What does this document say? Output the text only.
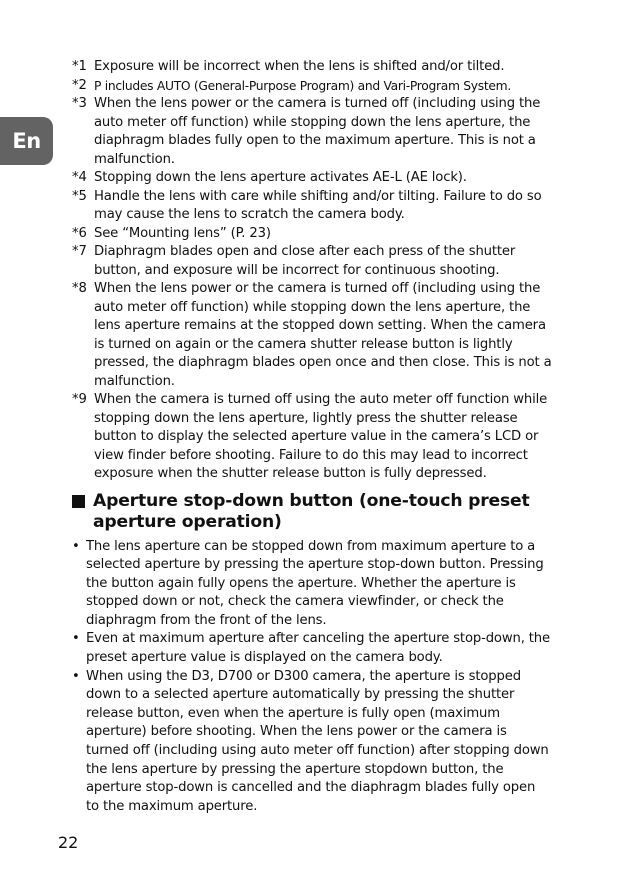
En
*1 Exposure will be incorrect when the lens is shifted and/or tilted.
*2 P includes AUTO (General-Purpose Program) and Vari-Program System.
*3 When the lens power or the camera is turned off (including using the auto meter off function) while stopping down the lens aperture, the diaphragm blades fully open to the maximum aperture. This is not a malfunction.
*4 Stopping down the lens aperture activates AE-L (AE lock).
*5 Handle the lens with care while shifting and/or tilting. Failure to do so may cause the lens to scratch the camera body.
*6 See “Mounting lens” (P. 23)
*7 Diaphragm blades open and close after each press of the shutter button, and exposure will be incorrect for continuous shooting.
*8 When the lens power or the camera is turned off (including using the auto meter off function) while stopping down the lens aperture, the lens aperture remains at the stopped down setting. When the camera is turned on again or the camera shutter release button is lightly pressed, the diaphragm blades open once and then close. This is not a malfunction.
*9 When the camera is turned off using the auto meter off function while stopping down the lens aperture, lightly press the shutter release button to display the selected aperture value in the camera’s LCD or view finder before shooting. Failure to do this may lead to incorrect exposure when the shutter release button is fully depressed.
Aperture stop-down button (one-touch preset aperture operation)
• The lens aperture can be stopped down from maximum aperture to a selected aperture by pressing the aperture stop-down button. Pressing the button again fully opens the aperture. Whether the aperture is stopped down or not, check the camera viewfinder, or check the diaphragm from the front of the lens.
• Even at maximum aperture after canceling the aperture stop-down, the preset aperture value is displayed on the camera body.
• When using the D3, D700 or D300 camera, the aperture is stopped down to a selected aperture automatically by pressing the shutter release button, even when the aperture is fully open (maximum aperture) before shooting. When the lens power or the camera is turned off (including using auto meter off function) after stopping down the lens aperture by pressing the aperture stopdown button, the aperture stop-down is cancelled and the diaphragm blades fully open to the maximum aperture.
22
